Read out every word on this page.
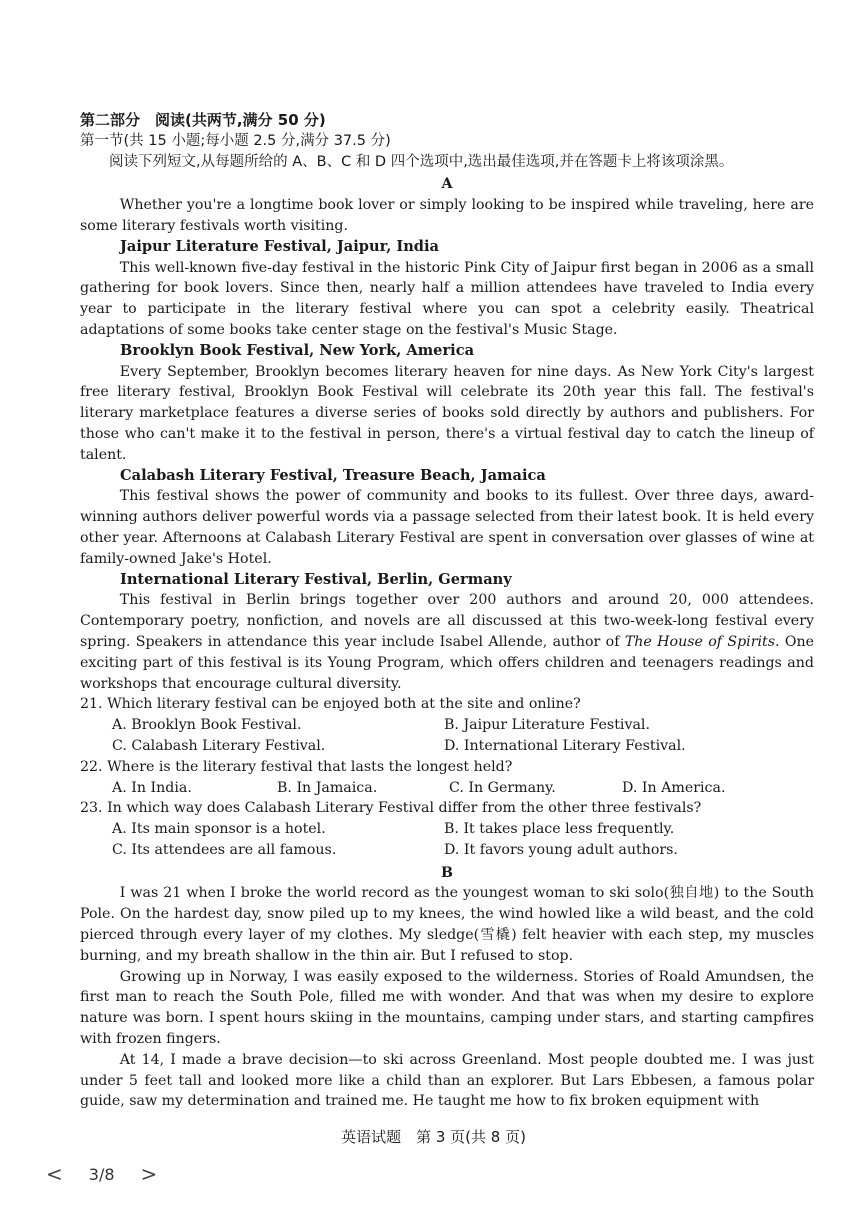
第二部分　阅读(共两节,满分 50 分)
第一节(共 15 小题;每小题 2.5 分,满分 37.5 分)

阅读下列短文,从每题所给的 A、B、C 和 D 四个选项中,选出最佳选项,并在答题卡上将该项涂黑。

A

Whether you're a longtime book lover or simply looking to be inspired while traveling, here are some literary festivals worth visiting.

Jaipur Literature Festival, Jaipur, India

This well-known five-day festival in the historic Pink City of Jaipur first began in 2006 as a small gathering for book lovers. Since then, nearly half a million attendees have traveled to India every year to participate in the literary festival where you can spot a celebrity easily. Theatrical adaptations of some books take center stage on the festival's Music Stage.

Brooklyn Book Festival, New York, America

Every September, Brooklyn becomes literary heaven for nine days. As New York City's largest free literary festival, Brooklyn Book Festival will celebrate its 20th year this fall. The festival's literary marketplace features a diverse series of books sold directly by authors and publishers. For those who can't make it to the festival in person, there's a virtual festival day to catch the lineup of talent.

Calabash Literary Festival, Treasure Beach, Jamaica

This festival shows the power of community and books to its fullest. Over three days, award-winning authors deliver powerful words via a passage selected from their latest book. It is held every other year. Afternoons at Calabash Literary Festival are spent in conversation over glasses of wine at family-owned Jake's Hotel.

International Literary Festival, Berlin, Germany

This festival in Berlin brings together over 200 authors and around 20, 000 attendees. Contemporary poetry, nonfiction, and novels are all discussed at this two-week-long festival every spring. Speakers in attendance this year include Isabel Allende, author of The House of Spirits. One exciting part of this festival is its Young Program, which offers children and teenagers readings and workshops that encourage cultural diversity.

21. Which literary festival can be enjoyed both at the site and online?
A. Brooklyn Book Festival.	B. Jaipur Literature Festival.
C. Calabash Literary Festival.	D. International Literary Festival.
22. Where is the literary festival that lasts the longest held?
A. In India.	B. In Jamaica.	C. In Germany.	D. In America.
23. In which way does Calabash Literary Festival differ from the other three festivals?
A. Its main sponsor is a hotel.	B. It takes place less frequently.
C. Its attendees are all famous.	D. It favors young adult authors.
B

I was 21 when I broke the world record as the youngest woman to ski solo(独自地) to the South Pole. On the hardest day, snow piled up to my knees, the wind howled like a wild beast, and the cold pierced through every layer of my clothes. My sledge(雪橇) felt heavier with each step, my muscles burning, and my breath shallow in the thin air. But I refused to stop.

Growing up in Norway, I was easily exposed to the wilderness. Stories of Roald Amundsen, the first man to reach the South Pole, filled me with wonder. And that was when my desire to explore nature was born. I spent hours skiing in the mountains, camping under stars, and starting campfires with frozen fingers.

At 14, I made a brave decision—to ski across Greenland. Most people doubted me. I was just under 5 feet tall and looked more like a child than an explorer. But Lars Ebbesen, a famous polar guide, saw my determination and trained me. He taught me how to fix broken equipment with

英语试题　第 3 页(共 8 页)
< 3/8 >
